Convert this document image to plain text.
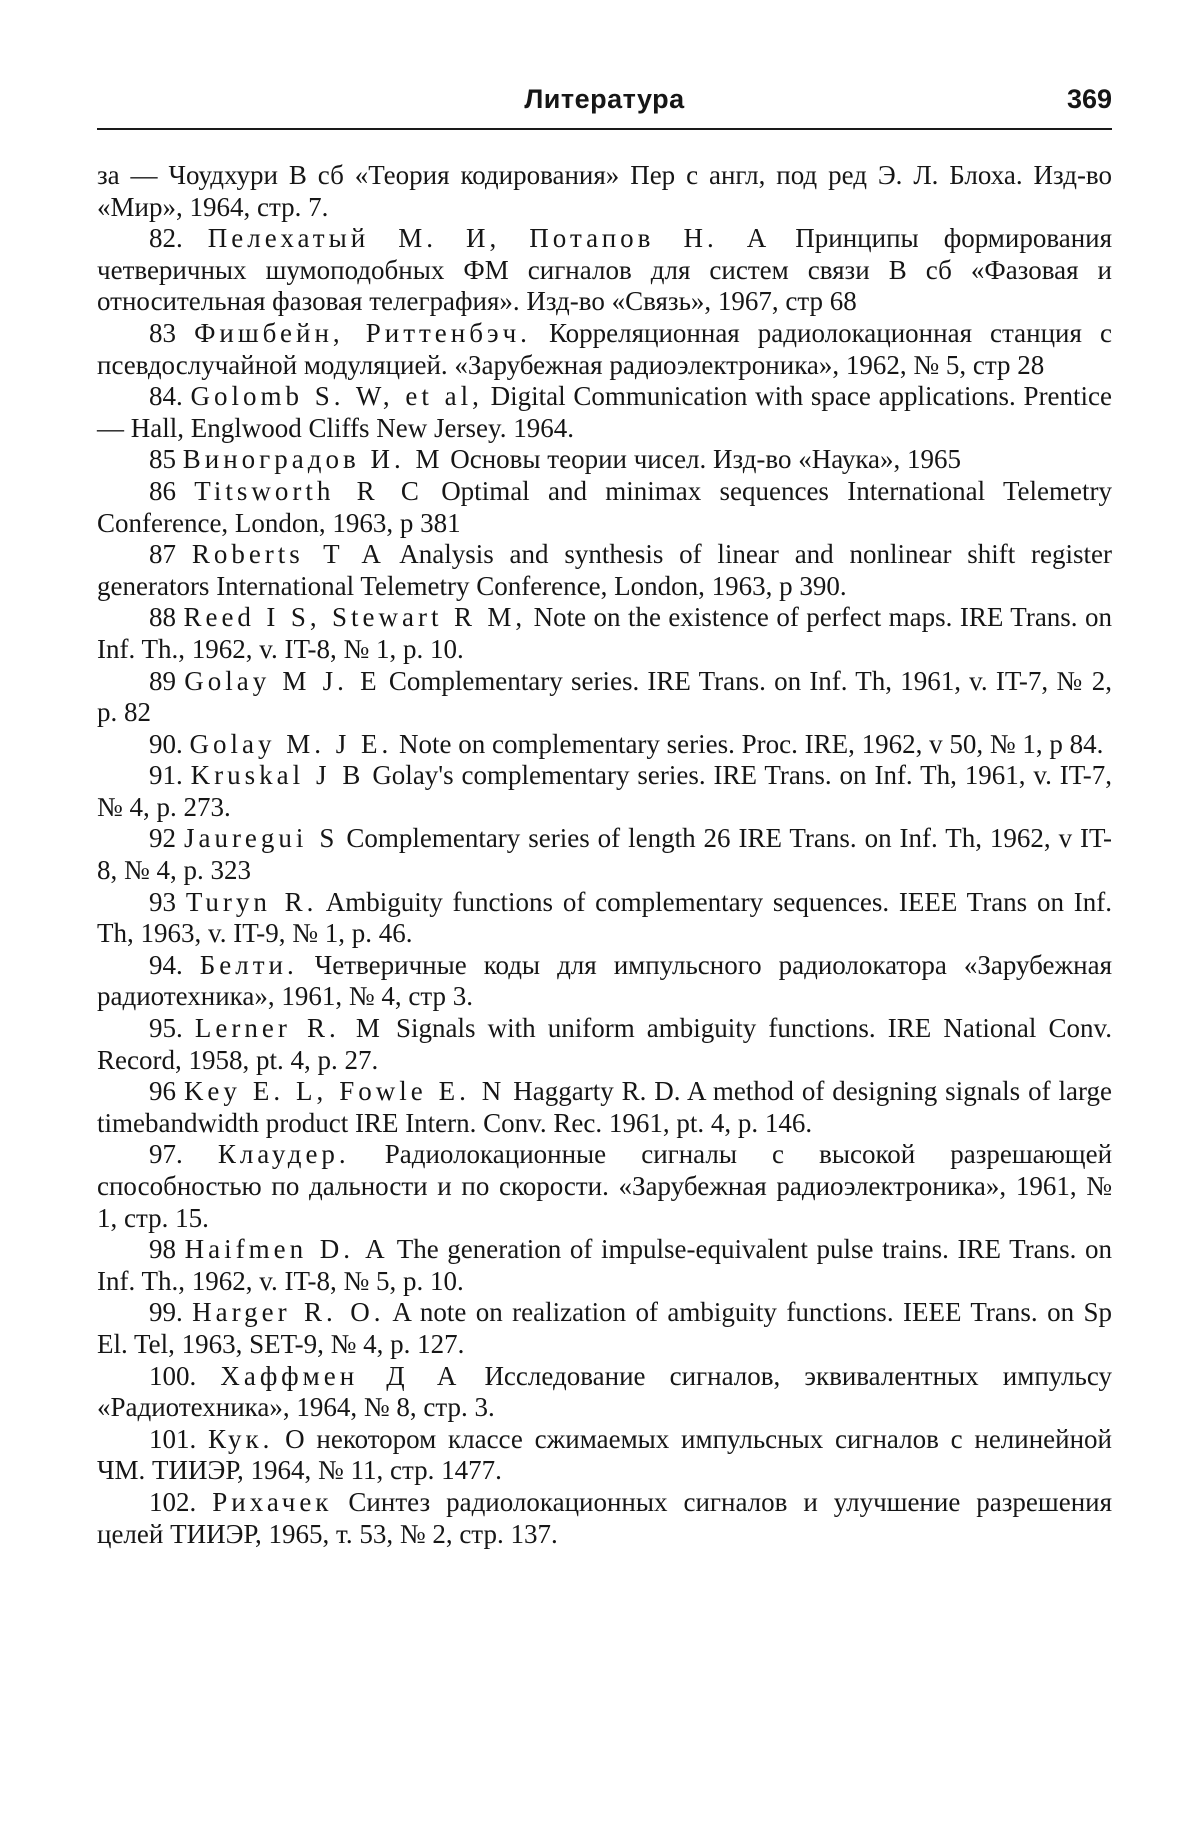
Литература	369

за — Чоудхури В сб «Теория кодирования» Пер с англ, под ред Э. Л. Блоха. Изд-во «Мир», 1964, стр. 7.

82. Пелехатый М. И, Потапов Н. А Принципы формирования четверичных шумоподобных ФМ сигналов для систем связи В сб «Фазовая и относительная фазовая телеграфия». Изд-во «Связь», 1967, стр 68

83 Фишбейн, Риттенбэч. Корреляционная радиолокационная станция с псевдослучайной модуляцией. «Зарубежная радиоэлектроника», 1962, № 5, стр 28

84. Golomb S. W, et al, Digital Communication with space applications. Prentice — Hall, Englwood Cliffs New Jersey. 1964.

85 Виноградов И. М Основы теории чисел. Изд-во «Наука», 1965

86 Titsworth R C Optimal and minimax sequences International Telemetry Conference, London, 1963, p 381

87 Roberts T A Analysis and synthesis of linear and nonlinear shift register generators International Telemetry Conference, London, 1963, p 390.

88 Reed I S, Stewart R M, Note on the existence of perfect maps. IRE Trans. on Inf. Th., 1962, v. IT-8, № 1, p. 10.

89 Golay M J. E Complementary series. IRE Trans. on Inf. Th, 1961, v. IT-7, № 2, p. 82

90. Golay M. J E. Note on complementary series. Proc. IRE, 1962, v 50, № 1, p 84.

91. Kruskal J B Golay's complementary series. IRE Trans. on Inf. Th, 1961, v. IT-7, № 4, p. 273.

92 Jauregui S Complementary series of length 26 IRE Trans. on Inf. Th, 1962, v IT-8, № 4, p. 323

93 Turyn R. Ambiguity functions of complementary sequences. IEEE Trans on Inf. Th, 1963, v. IT-9, № 1, p. 46.

94. Белти. Четверичные коды для импульсного радиолокатора «Зарубежная радиотехника», 1961, № 4, стр 3.

95. Lerner R. M Signals with uniform ambiguity functions. IRE National Conv. Record, 1958, pt. 4, p. 27.

96 Key E. L, Fowle E. N Haggarty R. D. A method of designing signals of large timebandwidth product IRE Intern. Conv. Rec. 1961, pt. 4, p. 146.

97. Клаудер. Радиолокационные сигналы с высокой разрешающей способностью по дальности и по скорости. «Зарубежная радиоэлектроника», 1961, № 1, стр. 15.

98 Haifmen D. A The generation of impulse-equivalent pulse trains. IRE Trans. on Inf. Th., 1962, v. IT-8, № 5, p. 10.

99. Harger R. O. A note on realization of ambiguity functions. IEEE Trans. on Sp El. Tel, 1963, SET-9, № 4, p. 127.

100. Хаффмен Д А Исследование сигналов, эквивалентных импульсу «Радиотехника», 1964, № 8, стр. 3.

101. Кук. О некотором классе сжимаемых импульсных сигналов с нелинейной ЧМ. ТИИЭР, 1964, № 11, стр. 1477.

102. Рихачек Синтез радиолокационных сигналов и улучшение разрешения целей ТИИЭР, 1965, т. 53, № 2, стр. 137.
